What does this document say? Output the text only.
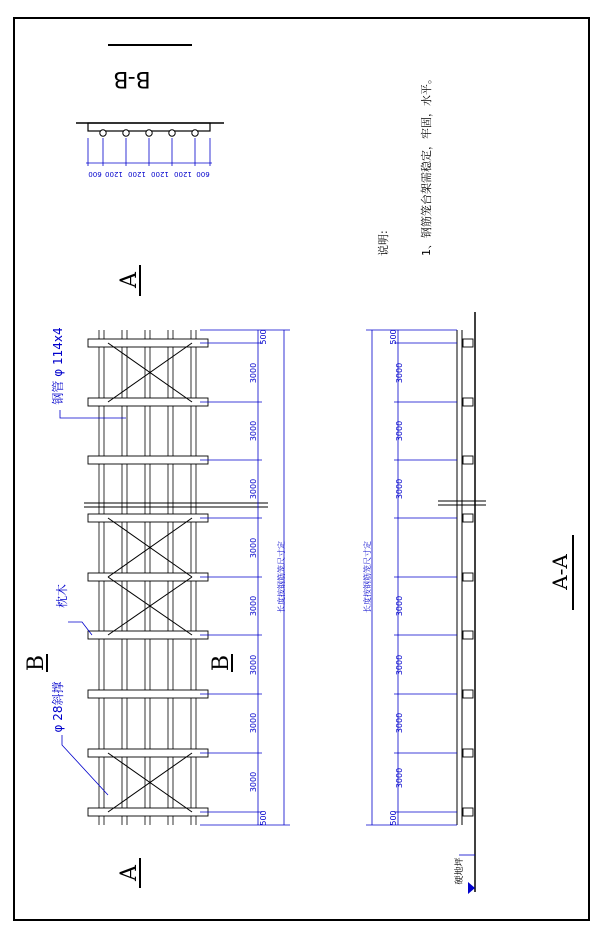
B-B
600 1200 1200 1200 1200 600
500
3000
3000
3000
3000
3000
3000
3000
3000
500
长度按钢筋笼尺寸定
A
A
B	B
钢管 φ 114x4
枕木
φ 28斜撑
500
3000
3000
3000
3000
3000
3000
3000
500
长度按钢筋笼尺寸定
硬地坪
A-A
说明:	1、钢筋笼台架需稳定，牢固，水平。
